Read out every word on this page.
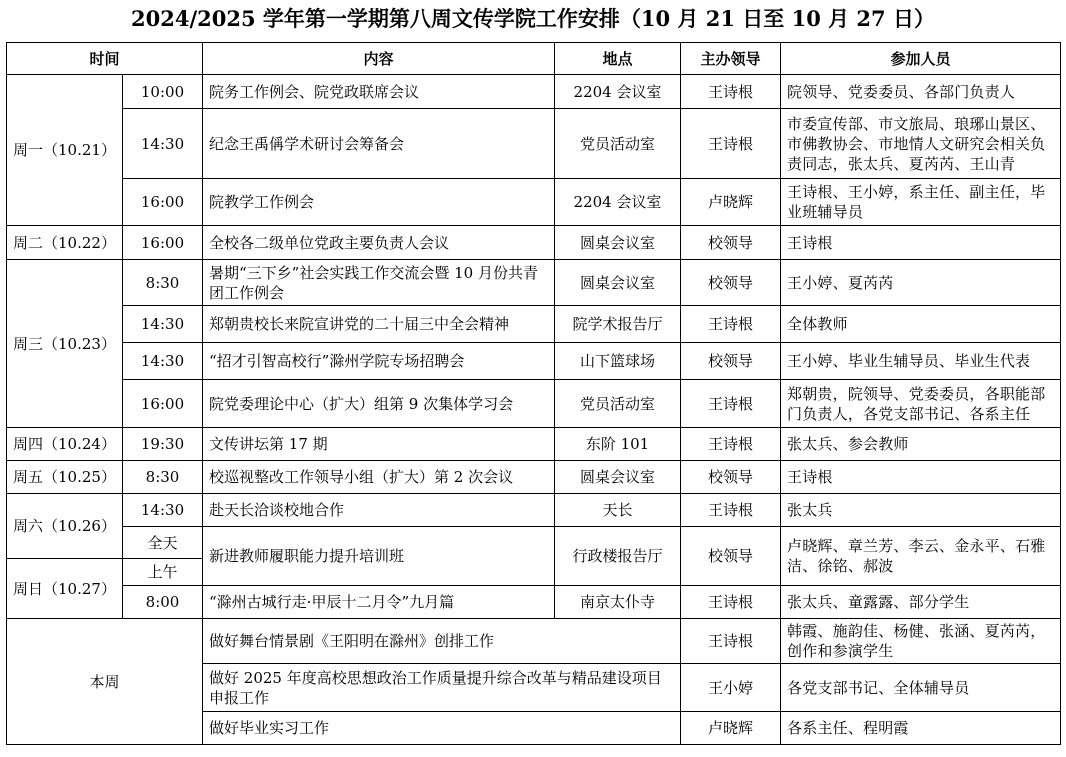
2024/2025 学年第一学期第八周文传学院工作安排（10 月 21 日至 10 月 27 日）
时间		内容	地点	主办领导	参加人员
周一（10.21）	10:00	院务工作例会、院党政联席会议	2204 会议室	王诗根	院领导、党委委员、各部门负责人
	14:30	纪念王禹偁学术研讨会筹备会	党员活动室	王诗根	市委宣传部、市文旅局、琅琊山景区、市佛教协会、市地情人文研究会相关负责同志，张太兵、夏芮芮、王山青
	16:00	院教学工作例会	2204 会议室	卢晓辉	王诗根、王小婷，系主任、副主任，毕业班辅导员
周二（10.22）	16:00	全校各二级单位党政主要负责人会议	圆桌会议室	校领导	王诗根
周三（10.23）	8:30	暑期“三下乡”社会实践工作交流会暨 10 月份共青团工作例会	圆桌会议室	校领导	王小婷、夏芮芮
	14:30	郑朝贵校长来院宣讲党的二十届三中全会精神	院学术报告厅	王诗根	全体教师
	14:30	“招才引智高校行”滁州学院专场招聘会	山下篮球场	校领导	王小婷、毕业生辅导员、毕业生代表
	16:00	院党委理论中心（扩大）组第 9 次集体学习会	党员活动室	王诗根	郑朝贵，院领导、党委委员，各职能部门负责人，各党支部书记、各系主任
周四（10.24）	19:30	文传讲坛第 17 期	东阶 101	王诗根	张太兵、参会教师
周五（10.25）	8:30	校巡视整改工作领导小组（扩大）第 2 次会议	圆桌会议室	校领导	王诗根
周六（10.26）	14:30	赴天长洽谈校地合作	天长	王诗根	张太兵
	全天	新进教师履职能力提升培训班	行政楼报告厅	校领导	卢晓辉、章兰芳、李云、金永平、石雅洁、徐铭、郝波
周日（10.27）	上午				
	8:00	“滁州古城行走·甲辰十二月令”九月篇	南京太仆寺	王诗根	张太兵、童露露、部分学生
本周		做好舞台情景剧《王阳明在滁州》创排工作		王诗根	韩霞、施韵佳、杨健、张涵、夏芮芮，创作和参演学生
		做好 2025 年度高校思想政治工作质量提升综合改革与精品建设项目申报工作		王小婷	各党支部书记、全体辅导员
		做好毕业实习工作		卢晓辉	各系主任、程明霞
